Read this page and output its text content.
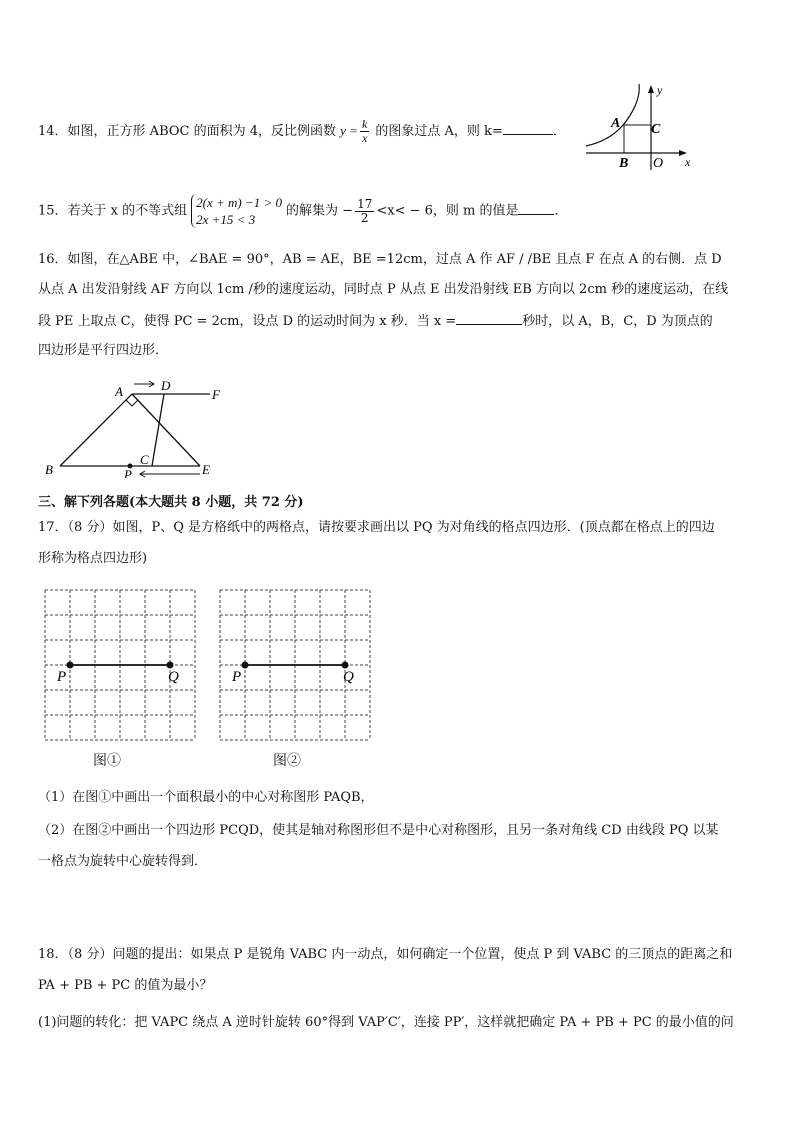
14．如图，正方形 ABOC 的面积为 4，反比例函数 $y = \frac{k}{x}$ 的图象过点 A，则 k=	．
y
x
A C
B O
15．若关于 x 的不等式组
2(x + m) −1 > 0
2x +15 < 3
的解集为 − $\frac{17}{2} <x< - 6$，则 m 的值是	．
16．如图，在△ABE 中，∠BAE = 90°，AB = AE，BE =12cm，过点 A 作 AF / /BE 且点 F 在点 A 的右侧．点 D
从点 A 出发沿射线 AF 方向以 1cm /秒的速度运动，同时点 P 从点 E 出发沿射线 EB 方向以 2cm 秒的速度运动，在线
段 PE 上取点 C，使得 PC = 2cm，设点 D 的运动时间为 x 秒．当 x =	秒时，以 A，B，C，D 为顶点的
四边形是平行四边形．
A	D
F
B	P
C
E
三、解下列各题(本大题共 8 小题，共 72 分)
17．（8 分）如图，P、Q 是方格纸中的两格点，请按要求画出以 PQ 为对角线的格点四边形．(顶点都在格点上的四边
形称为格点四边形)
P	Q	P	Q
图①	图②
（1）在图①中画出一个面积最小的中心对称图形 PAQB，
（2）在图②中画出一个四边形 PCQD，使其是轴对称图形但不是中心对称图形，且另一条对角线 CD 由线段 PQ 以某
一格点为旋转中心旋转得到．
18．（8 分）问题的提出：如果点 P 是锐角 VABC 内一动点，如何确定一个位置，使点 P 到 VABC 的三顶点的距离之和
PA + PB + PC 的值为最小？
(1)问题的转化：把 VAPC 绕点 A 逆时针旋转 60°得到 VAP′C′，连接 PP′，这样就把确定 PA + PB + PC 的最小值的问
